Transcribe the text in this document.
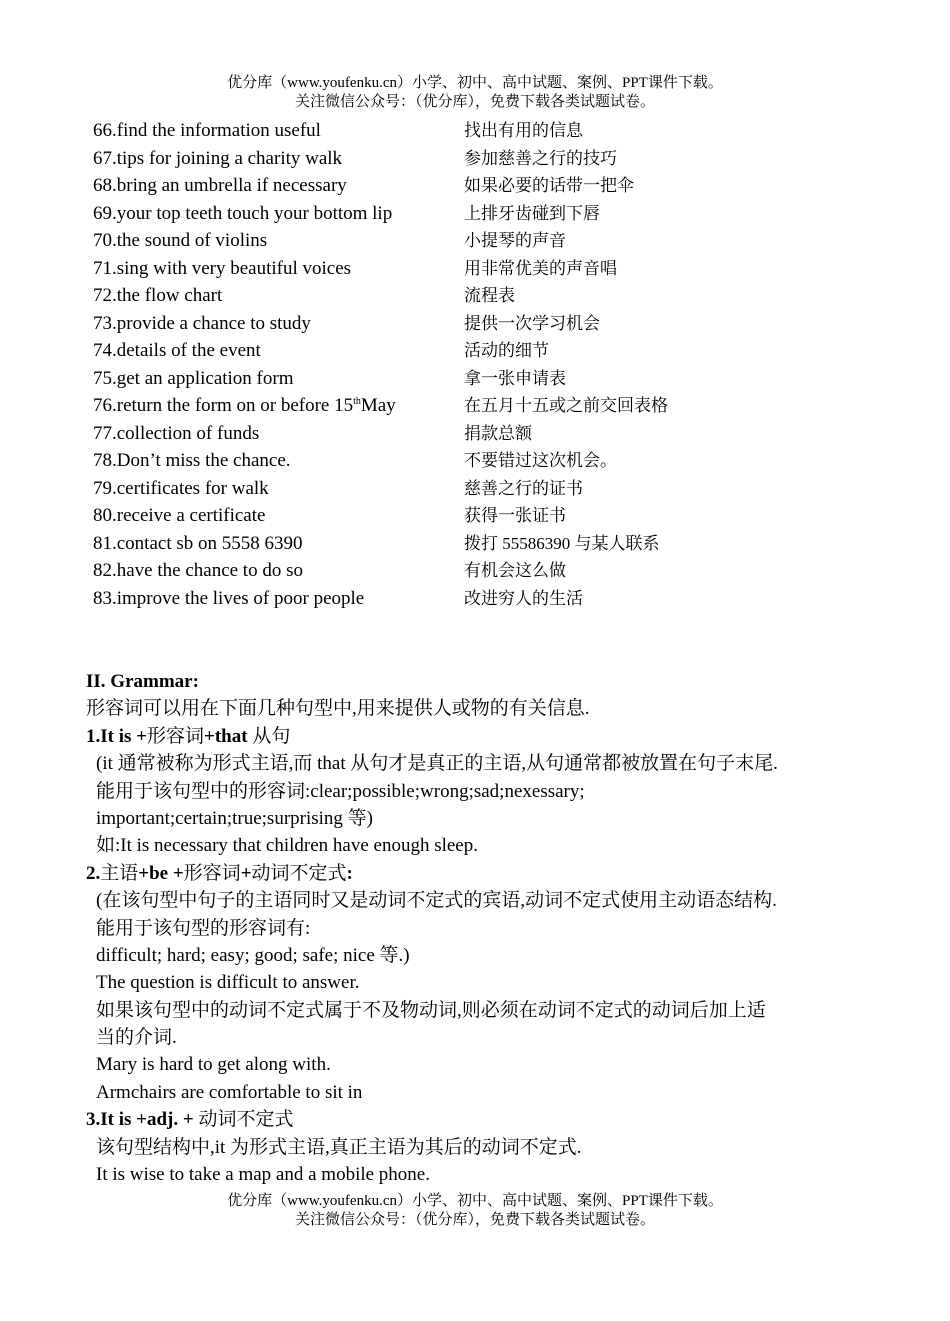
优分库（www.youfenku.cn）小学、初中、高中试题、案例、PPT课件下载。
关注微信公众号：（优分库），免费下载各类试题试卷。
66.find the information useful	找出有用的信息
67.tips for joining a charity walk	参加慈善之行的技巧
68.bring an umbrella if necessary	如果必要的话带一把伞
69.your top teeth touch your bottom lip	上排牙齿碰到下唇
70.the sound of violins	小提琴的声音
71.sing with very beautiful voices	用非常优美的声音唱
72.the flow chart	流程表
73.provide a chance to study	提供一次学习机会
74.details of the event	活动的细节
75.get an application form	拿一张申请表
76.return the form on or before 15thMay	在五月十五或之前交回表格
77.collection of funds	捐款总额
78.Don’t miss the chance.	不要错过这次机会。
79.certificates for walk	慈善之行的证书
80.receive a certificate	获得一张证书
81.contact sb on 5558 6390	拨打 55586390 与某人联系
82.have the chance to do so	有机会这么做
83.improve the lives of poor people	改进穷人的生活
II. Grammar:
形容词可以用在下面几种句型中,用来提供人或物的有关信息.
1.It is +形容词+that 从句
(it 通常被称为形式主语,而 that 从句才是真正的主语,从句通常都被放置在句子末尾.
能用于该句型中的形容词:clear;possible;wrong;sad;nexessary;
important;certain;true;surprising 等)
如:It is necessary that children have enough sleep.
2.主语+be +形容词+动词不定式:
(在该句型中句子的主语同时又是动词不定式的宾语,动词不定式使用主动语态结构.
能用于该句型的形容词有:
difficult; hard; easy; good; safe; nice 等.)
The question is difficult to answer.
如果该句型中的动词不定式属于不及物动词,则必须在动词不定式的动词后加上适
当的介词.
Mary is hard to get along with.
Armchairs are comfortable to sit in
3.It is +adj. + 动词不定式
该句型结构中,it 为形式主语,真正主语为其后的动词不定式.
It is wise to take a map and a mobile phone.
优分库（www.youfenku.cn）小学、初中、高中试题、案例、PPT课件下载。
关注微信公众号：（优分库），免费下载各类试题试卷。
